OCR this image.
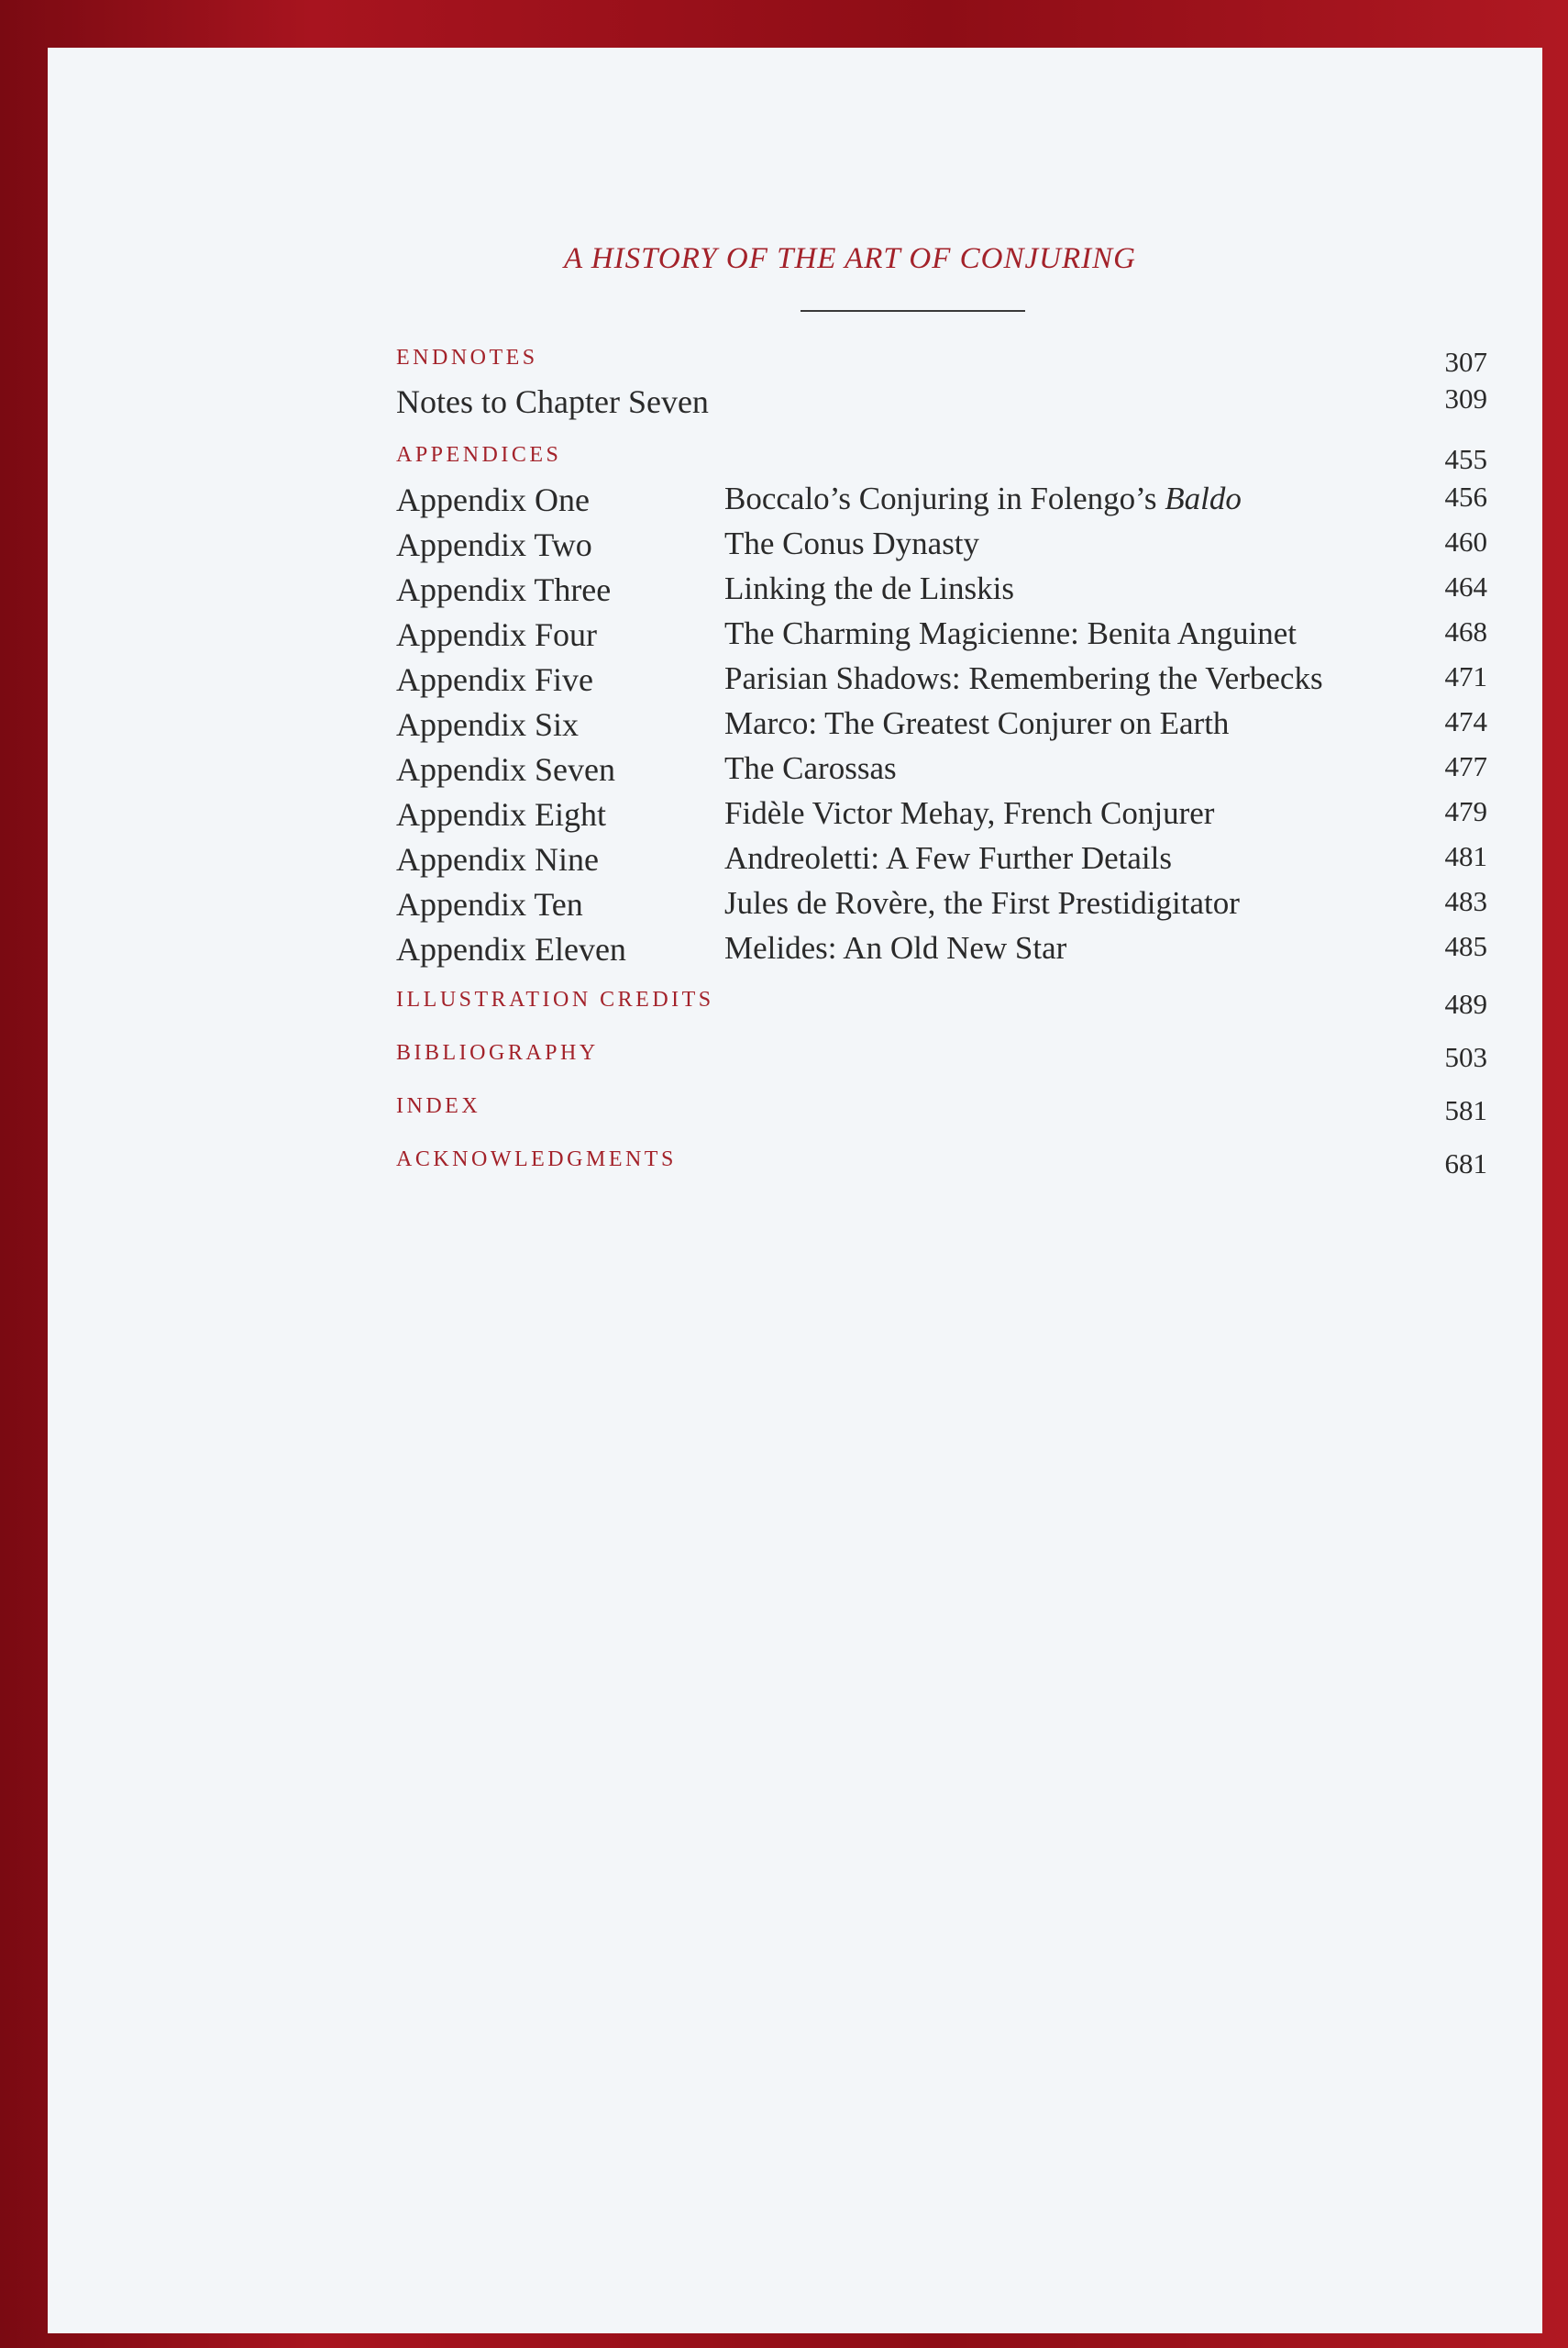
A HISTORY OF THE ART OF CONJURING
ENDNOTES	307
Notes to Chapter Seven	309
APPENDICES	455
Appendix One	Boccalo’s Conjuring in Folengo’s Baldo	456
Appendix Two	The Conus Dynasty	460
Appendix Three	Linking the de Linskis	464
Appendix Four	The Charming Magicienne: Benita Anguinet	468
Appendix Five	Parisian Shadows: Remembering the Verbecks	471
Appendix Six	Marco: The Greatest Conjurer on Earth	474
Appendix Seven	The Carossas	477
Appendix Eight	Fidèle Victor Mehay, French Conjurer	479
Appendix Nine	Andreoletti: A Few Further Details	481
Appendix Ten	Jules de Rovère, the First Prestidigitator	483
Appendix Eleven	Melides: An Old New Star	485
ILLUSTRATION CREDITS	489
BIBLIOGRAPHY	503
INDEX	581
ACKNOWLEDGMENTS	681
